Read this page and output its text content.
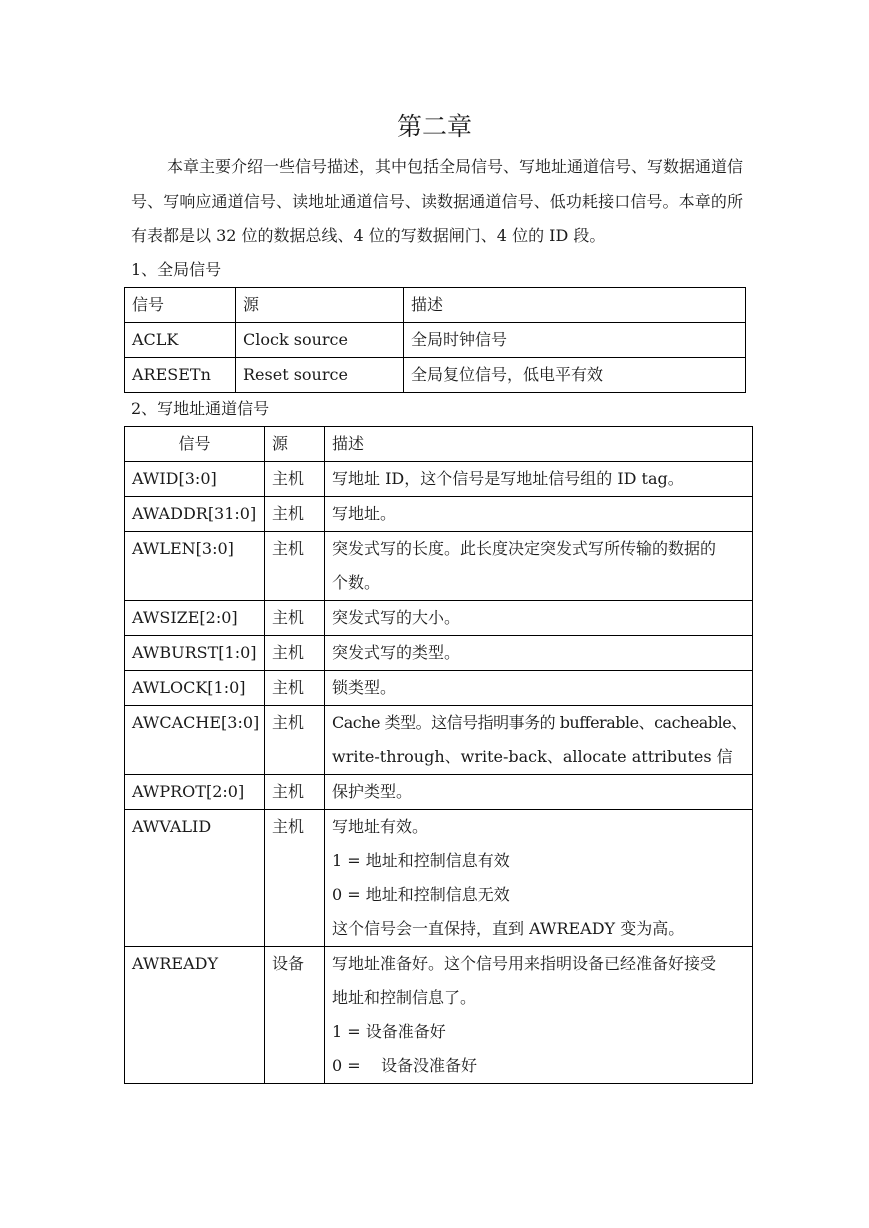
第二章

本章主要介绍一些信号描述，其中包括全局信号、写地址通道信号、写数据通道信号、写响应通道信号、读地址通道信号、读数据通道信号、低功耗接口信号。本章的所有表都是以 32 位的数据总线、4 位的写数据闸门、4 位的 ID 段。

1、全局信号
信号	源	描述
ACLK	Clock source	全局时钟信号
ARESETn	Reset source	全局复位信号，低电平有效
2、写地址通道信号
信号	源	描述
AWID[3:0]	主机	写地址 ID，这个信号是写地址信号组的 ID tag。

AWADDR[31:0]	主机	写地址。

AWLEN[3:0]	主机	突发式写的长度。此长度决定突发式写所传输的数据的
个数。

AWSIZE[2:0]	主机	突发式写的大小。

AWBURST[1:0]	主机	突发式写的类型。

AWLOCK[1:0]	主机	锁类型。

AWCACHE[3:0]	主机	Cache 类型。这信号指明事务的 bufferable、cacheable、
write-through、write-back、allocate attributes 信

AWPROT[2:0]	主机	保护类型。

AWVALID	主机	写地址有效。
1 = 地址和控制信息有效
0 = 地址和控制信息无效
这个信号会一直保持，直到 AWREADY 变为高。

AWREADY	设备	写地址准备好。这个信号用来指明设备已经准备好接受
地址和控制信息了。
1 = 设备准备好
0 =    设备没准备好
